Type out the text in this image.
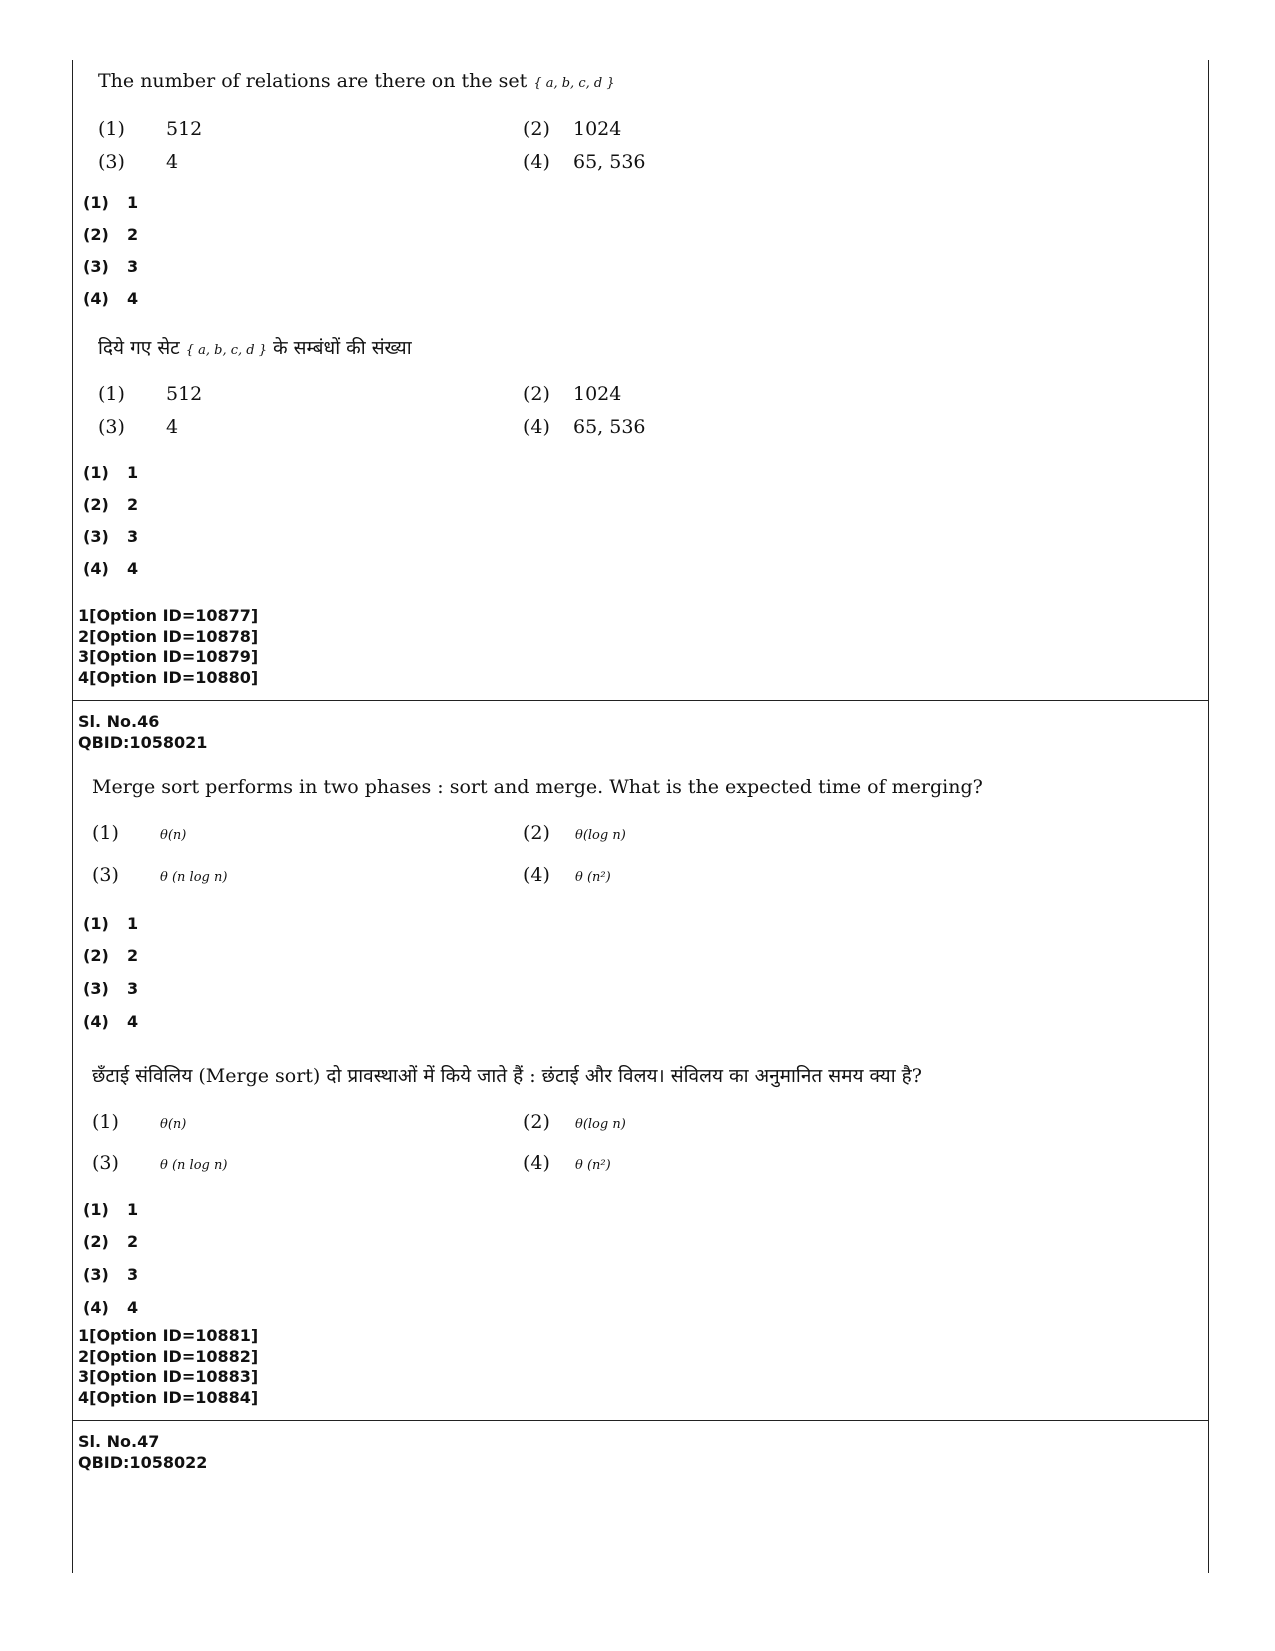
The number of relations are there on the set { a, b, c, d }
(1) 512	(2) 1024
(3) 4	(4) 65, 536
(1) 1
(2) 2
(3) 3
(4) 4
दिये गए सेट { a, b, c, d } के सम्बंधों की संख्या
(1) 512	(2) 1024
(3) 4	(4) 65, 536
(1) 1
(2) 2
(3) 3
(4) 4
1[Option ID=10877]
2[Option ID=10878]
3[Option ID=10879]
4[Option ID=10880]
Sl. No.46
QBID:1058021
Merge sort performs in two phases : sort and merge. What is the expected time of merging?
(1)	θ(n)	(2) θ(log n)
(3)	θ (n log n)	(4) θ (n²)
(1) 1
(2) 2
(3) 3
(4) 4
छँटाई संविलिय (Merge sort) दो प्रावस्थाओं में किये जाते हैं : छंटाई और विलय। संविलय का अनुमानित समय क्या है?
(1)	θ(n)	(2) θ(log n)
(3)	θ (n log n)	(4) θ (n²)
(1) 1
(2) 2
(3) 3
(4) 4
1[Option ID=10881]
2[Option ID=10882]
3[Option ID=10883]
4[Option ID=10884]
Sl. No.47
QBID:1058022
